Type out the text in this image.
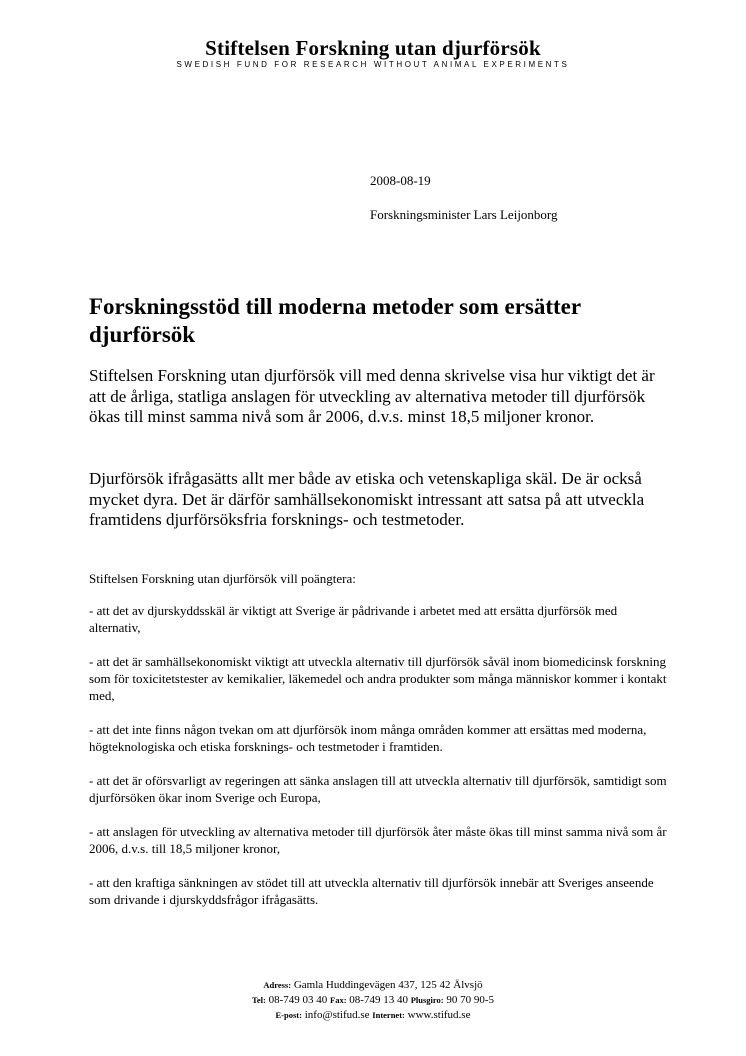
Stiftelsen Forskning utan djurförsök
SWEDISH FUND FOR RESEARCH WITHOUT ANIMAL EXPERIMENTS
2008-08-19
Forskningsminister Lars Leijonborg
Forskningsstöd till moderna metoder som ersätter djurförsök

Stiftelsen Forskning utan djurförsök vill med denna skrivelse visa hur viktigt det är att de årliga, statliga anslagen för utveckling av alternativa metoder till djurförsök ökas till minst samma nivå som år 2006, d.v.s. minst 18,5 miljoner kronor.

Djurförsök ifrågasätts allt mer både av etiska och vetenskapliga skäl. De är också mycket dyra. Det är därför samhällsekonomiskt intressant att satsa på att utveckla framtidens djurförsöksfria forsknings- och testmetoder.

Stiftelsen Forskning utan djurförsök vill poängtera:

- att det av djurskyddsskäl är viktigt att Sverige är pådrivande i arbetet med att ersätta djurförsök med alternativ,

- att det är samhällsekonomiskt viktigt att utveckla alternativ till djurförsök såväl inom biomedicinsk forskning som för toxicitetstester av kemikalier, läkemedel och andra produkter som många människor kommer i kontakt med,

- att det inte finns någon tvekan om att djurförsök inom många områden kommer att ersättas med moderna, högteknologiska och etiska forsknings- och testmetoder i framtiden.

- att det är oförsvarligt av regeringen att sänka anslagen till att utveckla alternativ till djurförsök, samtidigt som djurförsöken ökar inom Sverige och Europa,

- att anslagen för utveckling av alternativa metoder till djurförsök åter måste ökas till minst samma nivå som år 2006, d.v.s. till 18,5 miljoner kronor,

- att den kraftiga sänkningen av stödet till att utveckla alternativ till djurförsök innebär att Sveriges anseende som drivande i djurskyddsfrågor ifrågasätts.

Adress: Gamla Huddingevägen 437, 125 42 Älvsjö
Tel: 08-749 03 40 Fax: 08-749 13 40 Plusgiro: 90 70 90-5
E-post: info@stifud.se Internet: www.stifud.se
